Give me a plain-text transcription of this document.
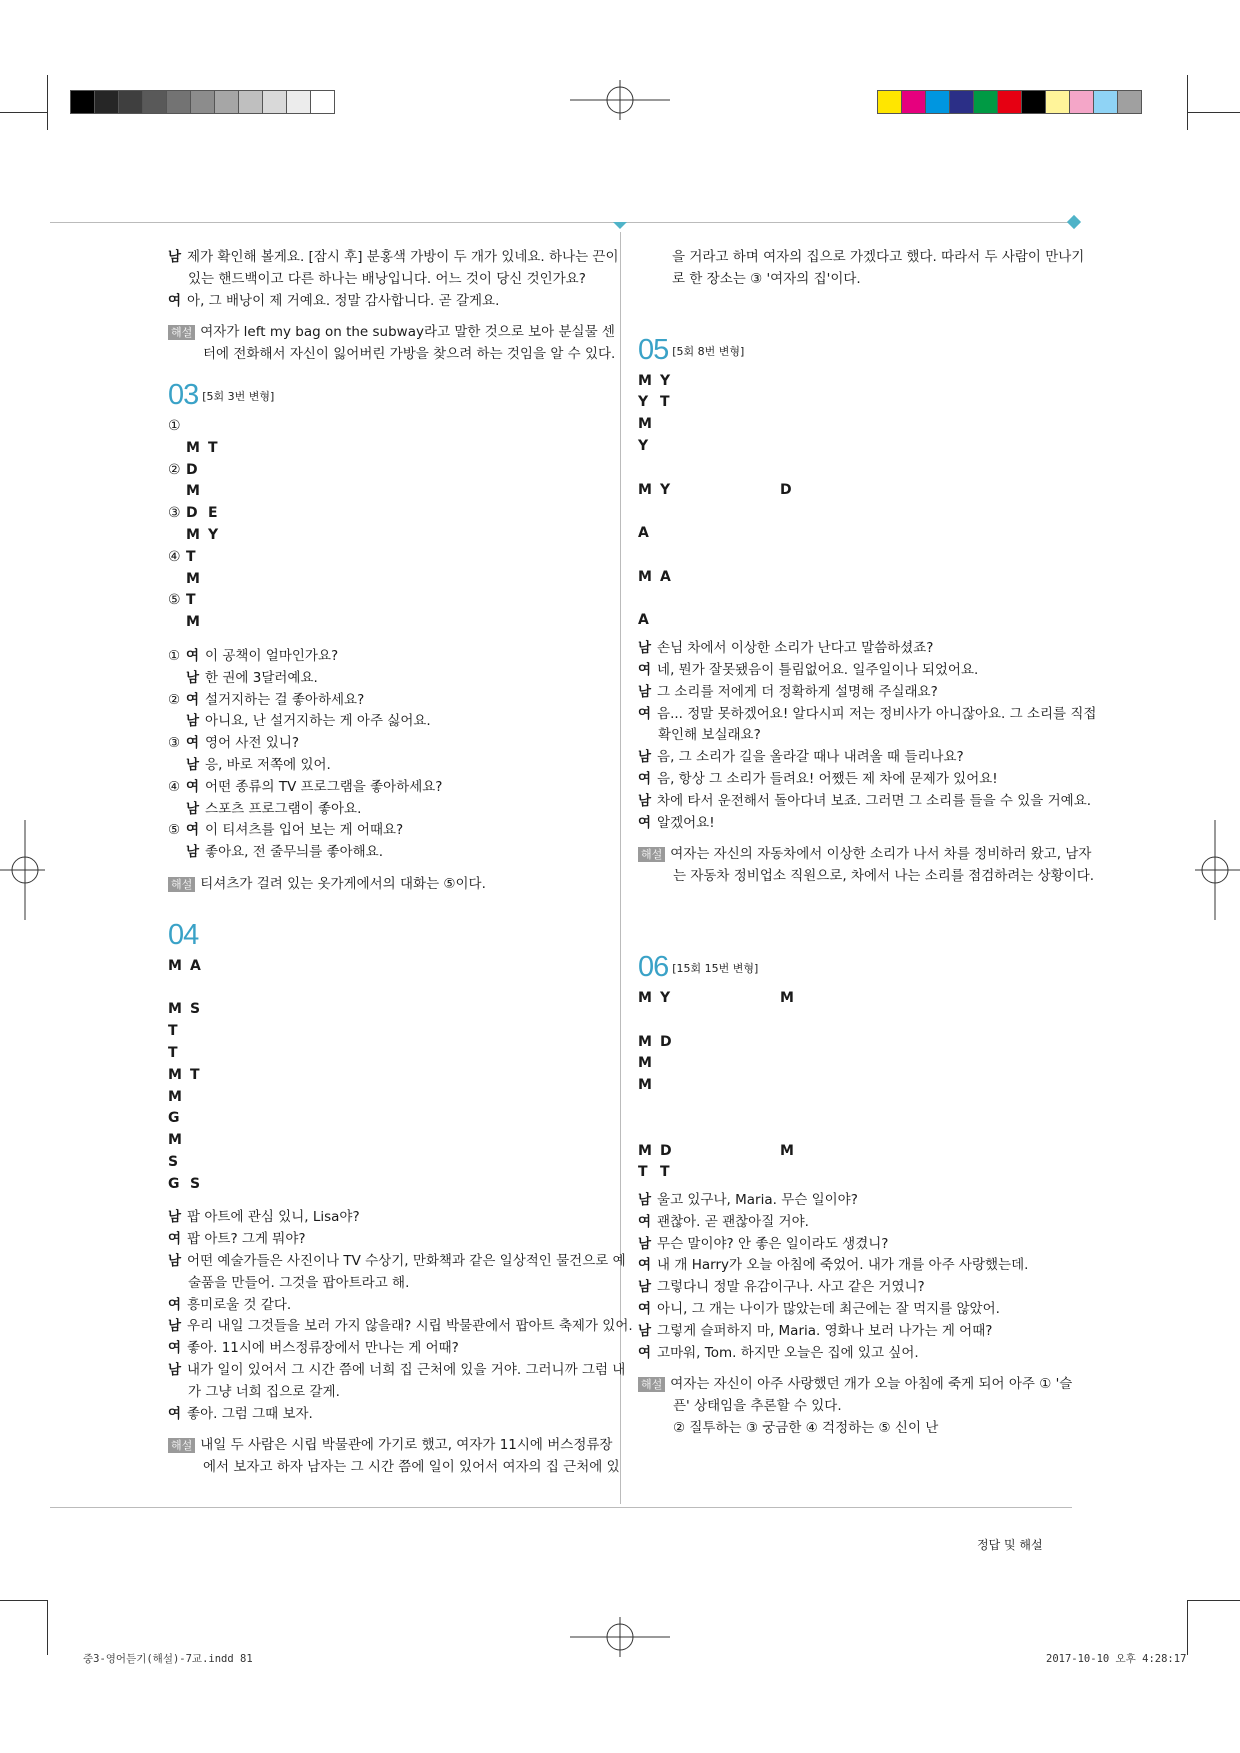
남 제가 확인해 볼게요. [잠시 후] 분홍색 가방이 두 개가 있네요. 하나는 끈이
있는 핸드백이고 다른 하나는 배낭입니다. 어느 것이 당신 것인가요?
여 아, 그 배낭이 제 거예요. 정말 감사합니다. 곧 갈게요.
해설 여자가 left my bag on the subway라고 말한 것으로 보아 분실물 센
터에 전화해서 자신이 잃어버린 가방을 찾으려 하는 것임을 알 수 있다.
03 [5회 3번 변형]
①
M T
② D
M
③ D E
M Y
④ T
M
⑤ T
M
① 여 이 공책이 얼마인가요?
남 한 권에 3달러예요.
② 여 설거지하는 걸 좋아하세요?
남 아니요, 난 설거지하는 게 아주 싫어요.
③ 여 영어 사전 있니?
남 응, 바로 저쪽에 있어.
④ 여 어떤 종류의 TV 프로그램을 좋아하세요?
남 스포츠 프로그램이 좋아요.
⑤ 여 이 티셔츠를 입어 보는 게 어때요?
남 좋아요, 전 줄무늬를 좋아해요.
해설 티셔츠가 걸려 있는 옷가게에서의 대화는 ⑤이다.
04
M A
M S
T
T
M T
M
G
M
S
G S
남 팝 아트에 관심 있니, Lisa야?
여 팝 아트? 그게 뭐야?
남 어떤 예술가들은 사진이나 TV 수상기, 만화책과 같은 일상적인 물건으로 예
술품을 만들어. 그것을 팝아트라고 해.
여 흥미로울 것 같다.
남 우리 내일 그것들을 보러 가지 않을래? 시립 박물관에서 팝아트 축제가 있어.
여 좋아. 11시에 버스정류장에서 만나는 게 어때?
남 내가 일이 있어서 그 시간 쯤에 너희 집 근처에 있을 거야. 그러니까 그럼 내
가 그냥 너희 집으로 갈게.
여 좋아. 그럼 그때 보자.
해설 내일 두 사람은 시립 박물관에 가기로 했고, 여자가 11시에 버스정류장
에서 보자고 하자 남자는 그 시간 쯤에 일이 있어서 여자의 집 근처에 있
을 거라고 하며 여자의 집으로 가겠다고 했다. 따라서 두 사람이 만나기
로 한 장소는 ③ '여자의 집'이다.
05 [5회 8번 변형]
M Y
Y T
M
Y
M Y	D
A
M A
A
남 손님 차에서 이상한 소리가 난다고 말씀하셨죠?
여 네, 뭔가 잘못됐음이 틀림없어요. 일주일이나 되었어요.
남 그 소리를 저에게 더 정확하게 설명해 주실래요?
여 음... 정말 못하겠어요! 알다시피 저는 정비사가 아니잖아요. 그 소리를 직접
확인해 보실래요?
남 음, 그 소리가 길을 올라갈 때나 내려올 때 들리나요?
여 음, 항상 그 소리가 들려요! 어쨌든 제 차에 문제가 있어요!
남 차에 타서 운전해서 돌아다녀 보죠. 그러면 그 소리를 들을 수 있을 거예요.
여 알겠어요!
해설 여자는 자신의 자동차에서 이상한 소리가 나서 차를 정비하러 왔고, 남자
는 자동차 정비업소 직원으로, 차에서 나는 소리를 점검하려는 상황이다.
06 [15회 15번 변형]
M Y	M
M D
M
M
M D	M
T T
남 울고 있구나, Maria. 무슨 일이야?
여 괜찮아. 곧 괜찮아질 거야.
남 무슨 말이야? 안 좋은 일이라도 생겼니?
여 내 개 Harry가 오늘 아침에 죽었어. 내가 개를 아주 사랑했는데.
남 그렇다니 정말 유감이구나. 사고 같은 거였니?
여 아니, 그 개는 나이가 많았는데 최근에는 잘 먹지를 않았어.
남 그렇게 슬퍼하지 마, Maria. 영화나 보러 나가는 게 어때?
여 고마워, Tom. 하지만 오늘은 집에 있고 싶어.
해설 여자는 자신이 아주 사랑했던 개가 오늘 아침에 죽게 되어 아주 ① '슬
픈' 상태임을 추론할 수 있다.
② 질투하는 ③ 궁금한 ④ 걱정하는 ⑤ 신이 난
정답 및 해설
중3-영어듣기(해설)-7교.indd 81	2017-10-10 오후 4:28:17
